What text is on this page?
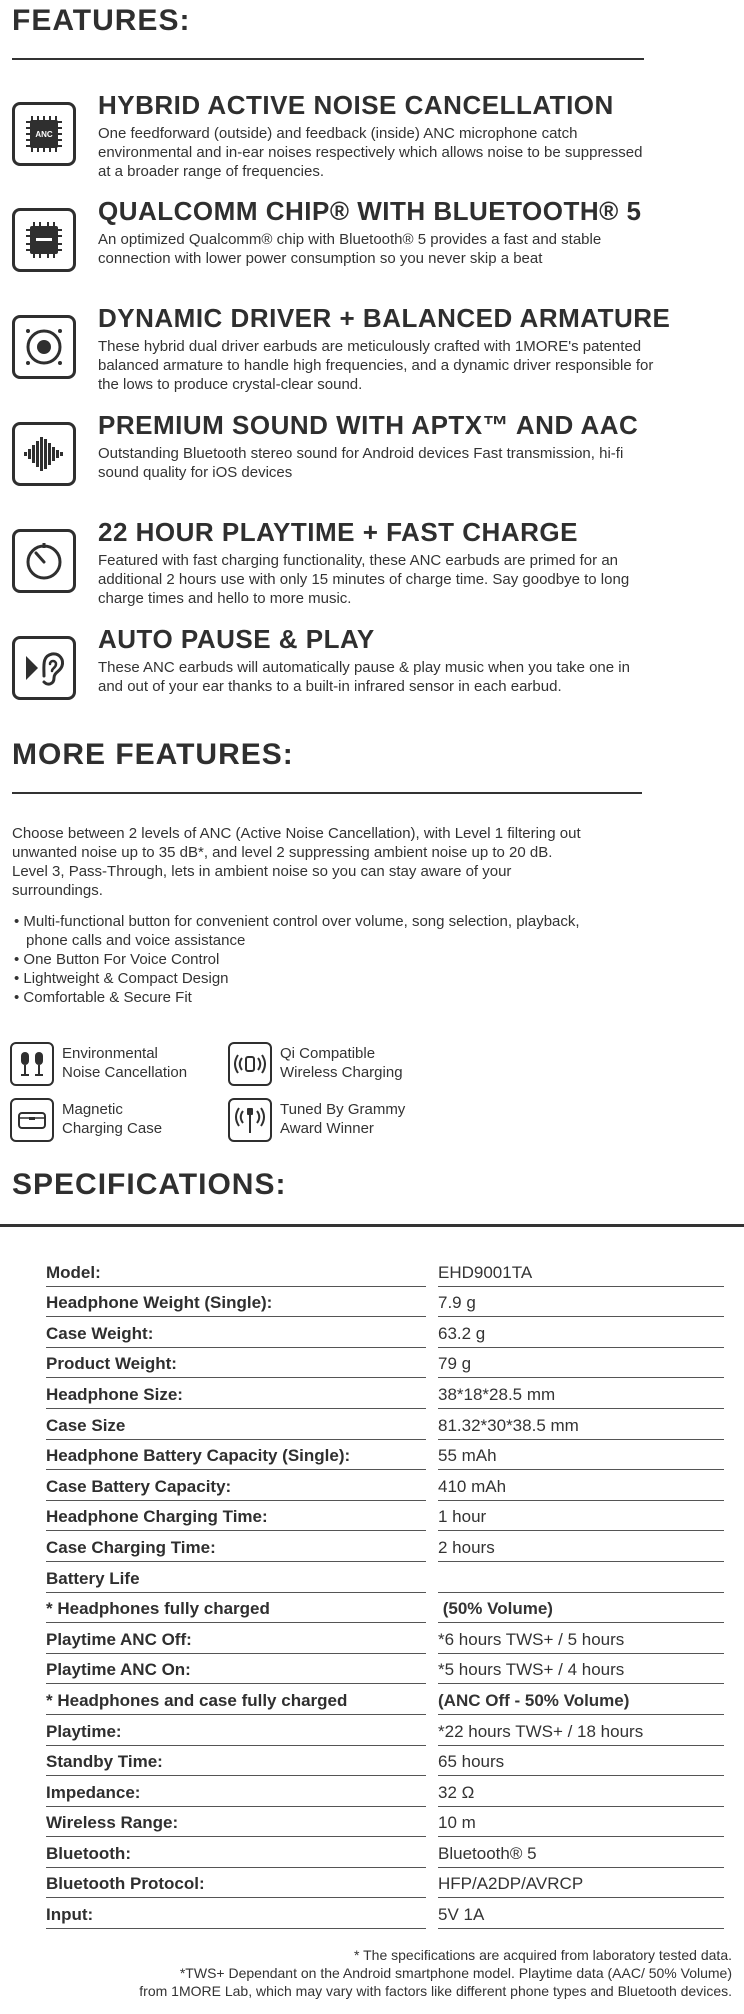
FEATURES:
ANC
HYBRID ACTIVE NOISE CANCELLATION
One feedforward (outside) and feedback (inside) ANC microphone catch environmental and in-ear noises respectively which allows noise to be suppressed at a broader range of frequencies.
QUALCOMM CHIP® WITH BLUETOOTH® 5
An optimized Qualcomm® chip with Bluetooth® 5 provides a fast and stable connection with lower power consumption so you never skip a beat
DYNAMIC DRIVER + BALANCED ARMATURE
These hybrid dual driver earbuds are meticulously crafted with 1MORE's patented balanced armature to handle high frequencies, and a dynamic driver responsible for the lows to produce crystal-clear sound.
PREMIUM SOUND WITH APTX™ AND AAC
Outstanding Bluetooth stereo sound for Android devices Fast transmission, hi-fi sound quality for iOS devices
22 HOUR PLAYTIME + FAST CHARGE
Featured with fast charging functionality, these ANC earbuds are primed for an additional 2 hours use with only 15 minutes of charge time. Say goodbye to long charge times and hello to more music.
AUTO PAUSE & PLAY
These ANC earbuds will automatically pause & play music when you take one in and out of your ear thanks to a built-in infrared sensor in each earbud.
MORE FEATURES:
Choose between 2 levels of ANC (Active Noise Cancellation), with Level 1 filtering out unwanted noise up to 35 dB*, and level 2 suppressing ambient noise up to 20 dB. Level 3, Pass-Through, lets in ambient noise so you can stay aware of your surroundings.
• Multi-functional button for convenient control over volume, song selection, playback, phone calls and voice assistance
• One Button For Voice Control
• Lightweight & Compact Design
• Comfortable & Secure Fit
Environmental
Noise Cancellation
Qi Compatible
Wireless Charging
Magnetic
Charging Case
Tuned By Grammy
Award Winner
SPECIFICATIONS:
Model:	EHD9001TA
Headphone Weight (Single):	7.9 g
Case Weight:	63.2 g
Product Weight:	79 g
Headphone Size:	38*18*28.5 mm
Case Size	81.32*30*38.5 mm
Headphone Battery Capacity (Single):	55 mAh
Case Battery Capacity:	410 mAh
Headphone Charging Time:	1 hour
Case Charging Time:	2 hours
Battery Life
* Headphones fully charged	(50% Volume)
Playtime ANC Off:	*6 hours TWS+ / 5 hours
Playtime ANC On:	*5 hours TWS+ / 4 hours
* Headphones and case fully charged	(ANC Off - 50% Volume)
Playtime:	*22 hours TWS+ / 18 hours
Standby Time:	65 hours
Impedance:	32 Ω
Wireless Range:	10 m
Bluetooth:	Bluetooth® 5
Bluetooth Protocol:	HFP/A2DP/AVRCP
Input:	5V 1A
* The specifications are acquired from laboratory tested data.
*TWS+ Dependant on the Android smartphone model. Playtime data (AAC/ 50% Volume)
from 1MORE Lab, which may vary with factors like different phone types and Bluetooth devices.
